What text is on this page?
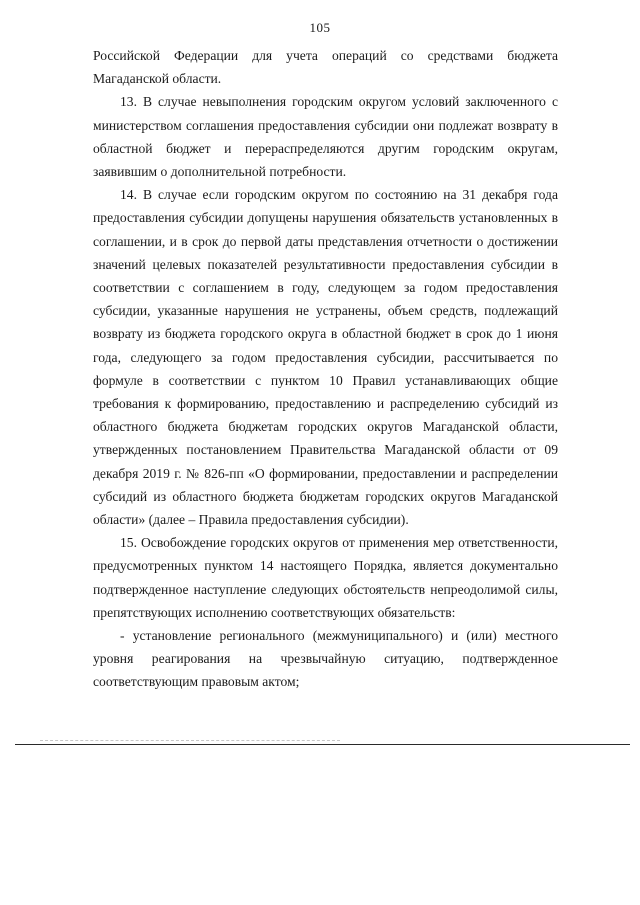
105

Российской Федерации для учета операций со средствами бюджета Магаданской области.

13. В случае невыполнения городским округом условий заключенного с министерством соглашения предоставления субсидии они подлежат возврату в областной бюджет и перераспределяются другим городским округам, заявившим о дополнительной потребности.

14. В случае если городским округом по состоянию на 31 декабря года предоставления субсидии допущены нарушения обязательств установленных в соглашении, и в срок до первой даты представления отчетности о достижении значений целевых показателей результативности предоставления субсидии в соответствии с соглашением в году, следующем за годом предоставления субсидии, указанные нарушения не устранены, объем средств, подлежащий возврату из бюджета городского округа в областной бюджет в срок до 1 июня года, следующего за годом предоставления субсидии, рассчитывается по формуле в соответствии с пунктом 10 Правил устанавливающих общие требования к формированию, предоставлению и распределению субсидий из областного бюджета бюджетам городских округов Магаданской области, утвержденных постановлением Правительства Магаданской области от 09 декабря 2019 г. № 826-пп «О формировании, предоставлении и распределении субсидий из областного бюджета бюджетам городских округов Магаданской области» (далее – Правила предоставления субсидии).

15. Освобождение городских округов от применения мер ответственности, предусмотренных пунктом 14 настоящего Порядка, является документально подтвержденное наступление следующих обстоятельств непреодолимой силы, препятствующих исполнению соответствующих обязательств:

- установление регионального (межмуниципального) и (или) местного уровня реагирования на чрезвычайную ситуацию, подтвержденное соответствующим правовым актом;
